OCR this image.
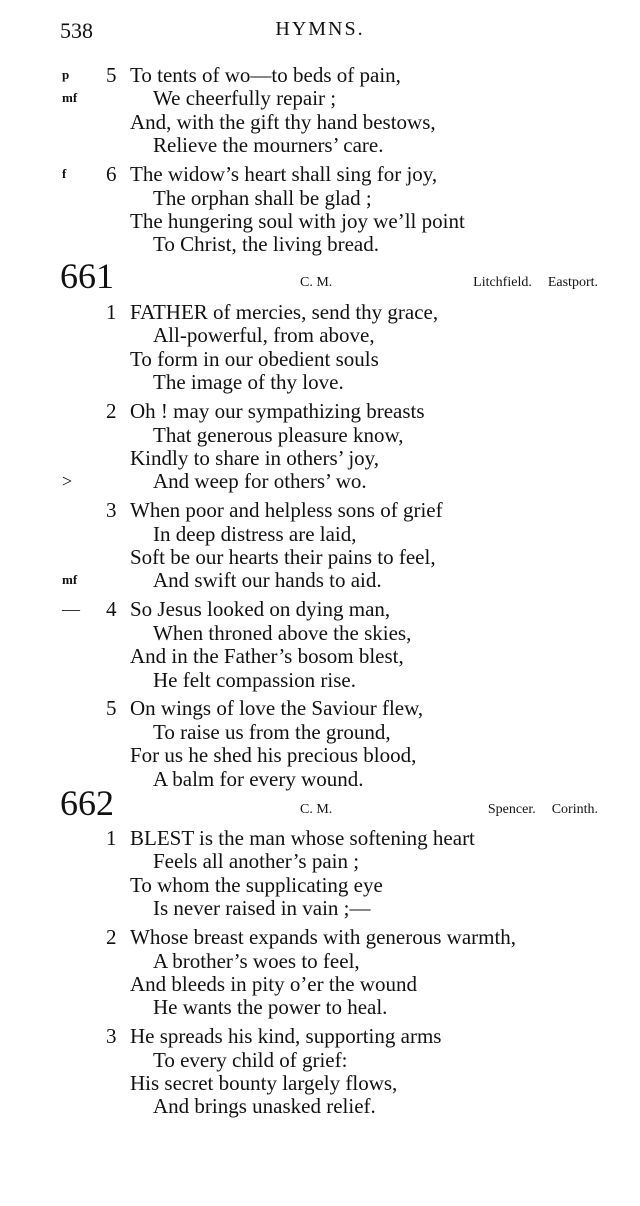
538	HYMNS.
5 To tents of wo—to beds of pain,
p
We cheerfully repair ;
mf
And, with the gift thy hand bestows,
Relieve the mourners’ care.
6 The widow’s heart shall sing for joy,
f
The orphan shall be glad ;
The hungering soul with joy we’ll point
To Christ, the living bread.
661	C. M.	Litchfield. Eastport.
1 FATHER of mercies, send thy grace,
All-powerful, from above,
To form in our obedient souls
The image of thy love.
2 Oh ! may our sympathizing breasts
That generous pleasure know,
Kindly to share in others’ joy,
And weep for others’ wo.
>
3 When poor and helpless sons of grief
In deep distress are laid,
Soft be our hearts their pains to feel,
And swift our hands to aid.
mf
4 So Jesus looked on dying man,
—
When throned above the skies,
And in the Father’s bosom blest,
He felt compassion rise.
5 On wings of love the Saviour flew,
To raise us from the ground,
For us he shed his precious blood,
A balm for every wound.
662	C. M.	Spencer. Corinth.
1 BLEST is the man whose softening heart
Feels all another’s pain ;
To whom the supplicating eye
Is never raised in vain ;—
2 Whose breast expands with generous warmth,
A brother’s woes to feel,
And bleeds in pity o’er the wound
He wants the power to heal.
3 He spreads his kind, supporting arms
To every child of grief:
His secret bounty largely flows,
And brings unasked relief.
